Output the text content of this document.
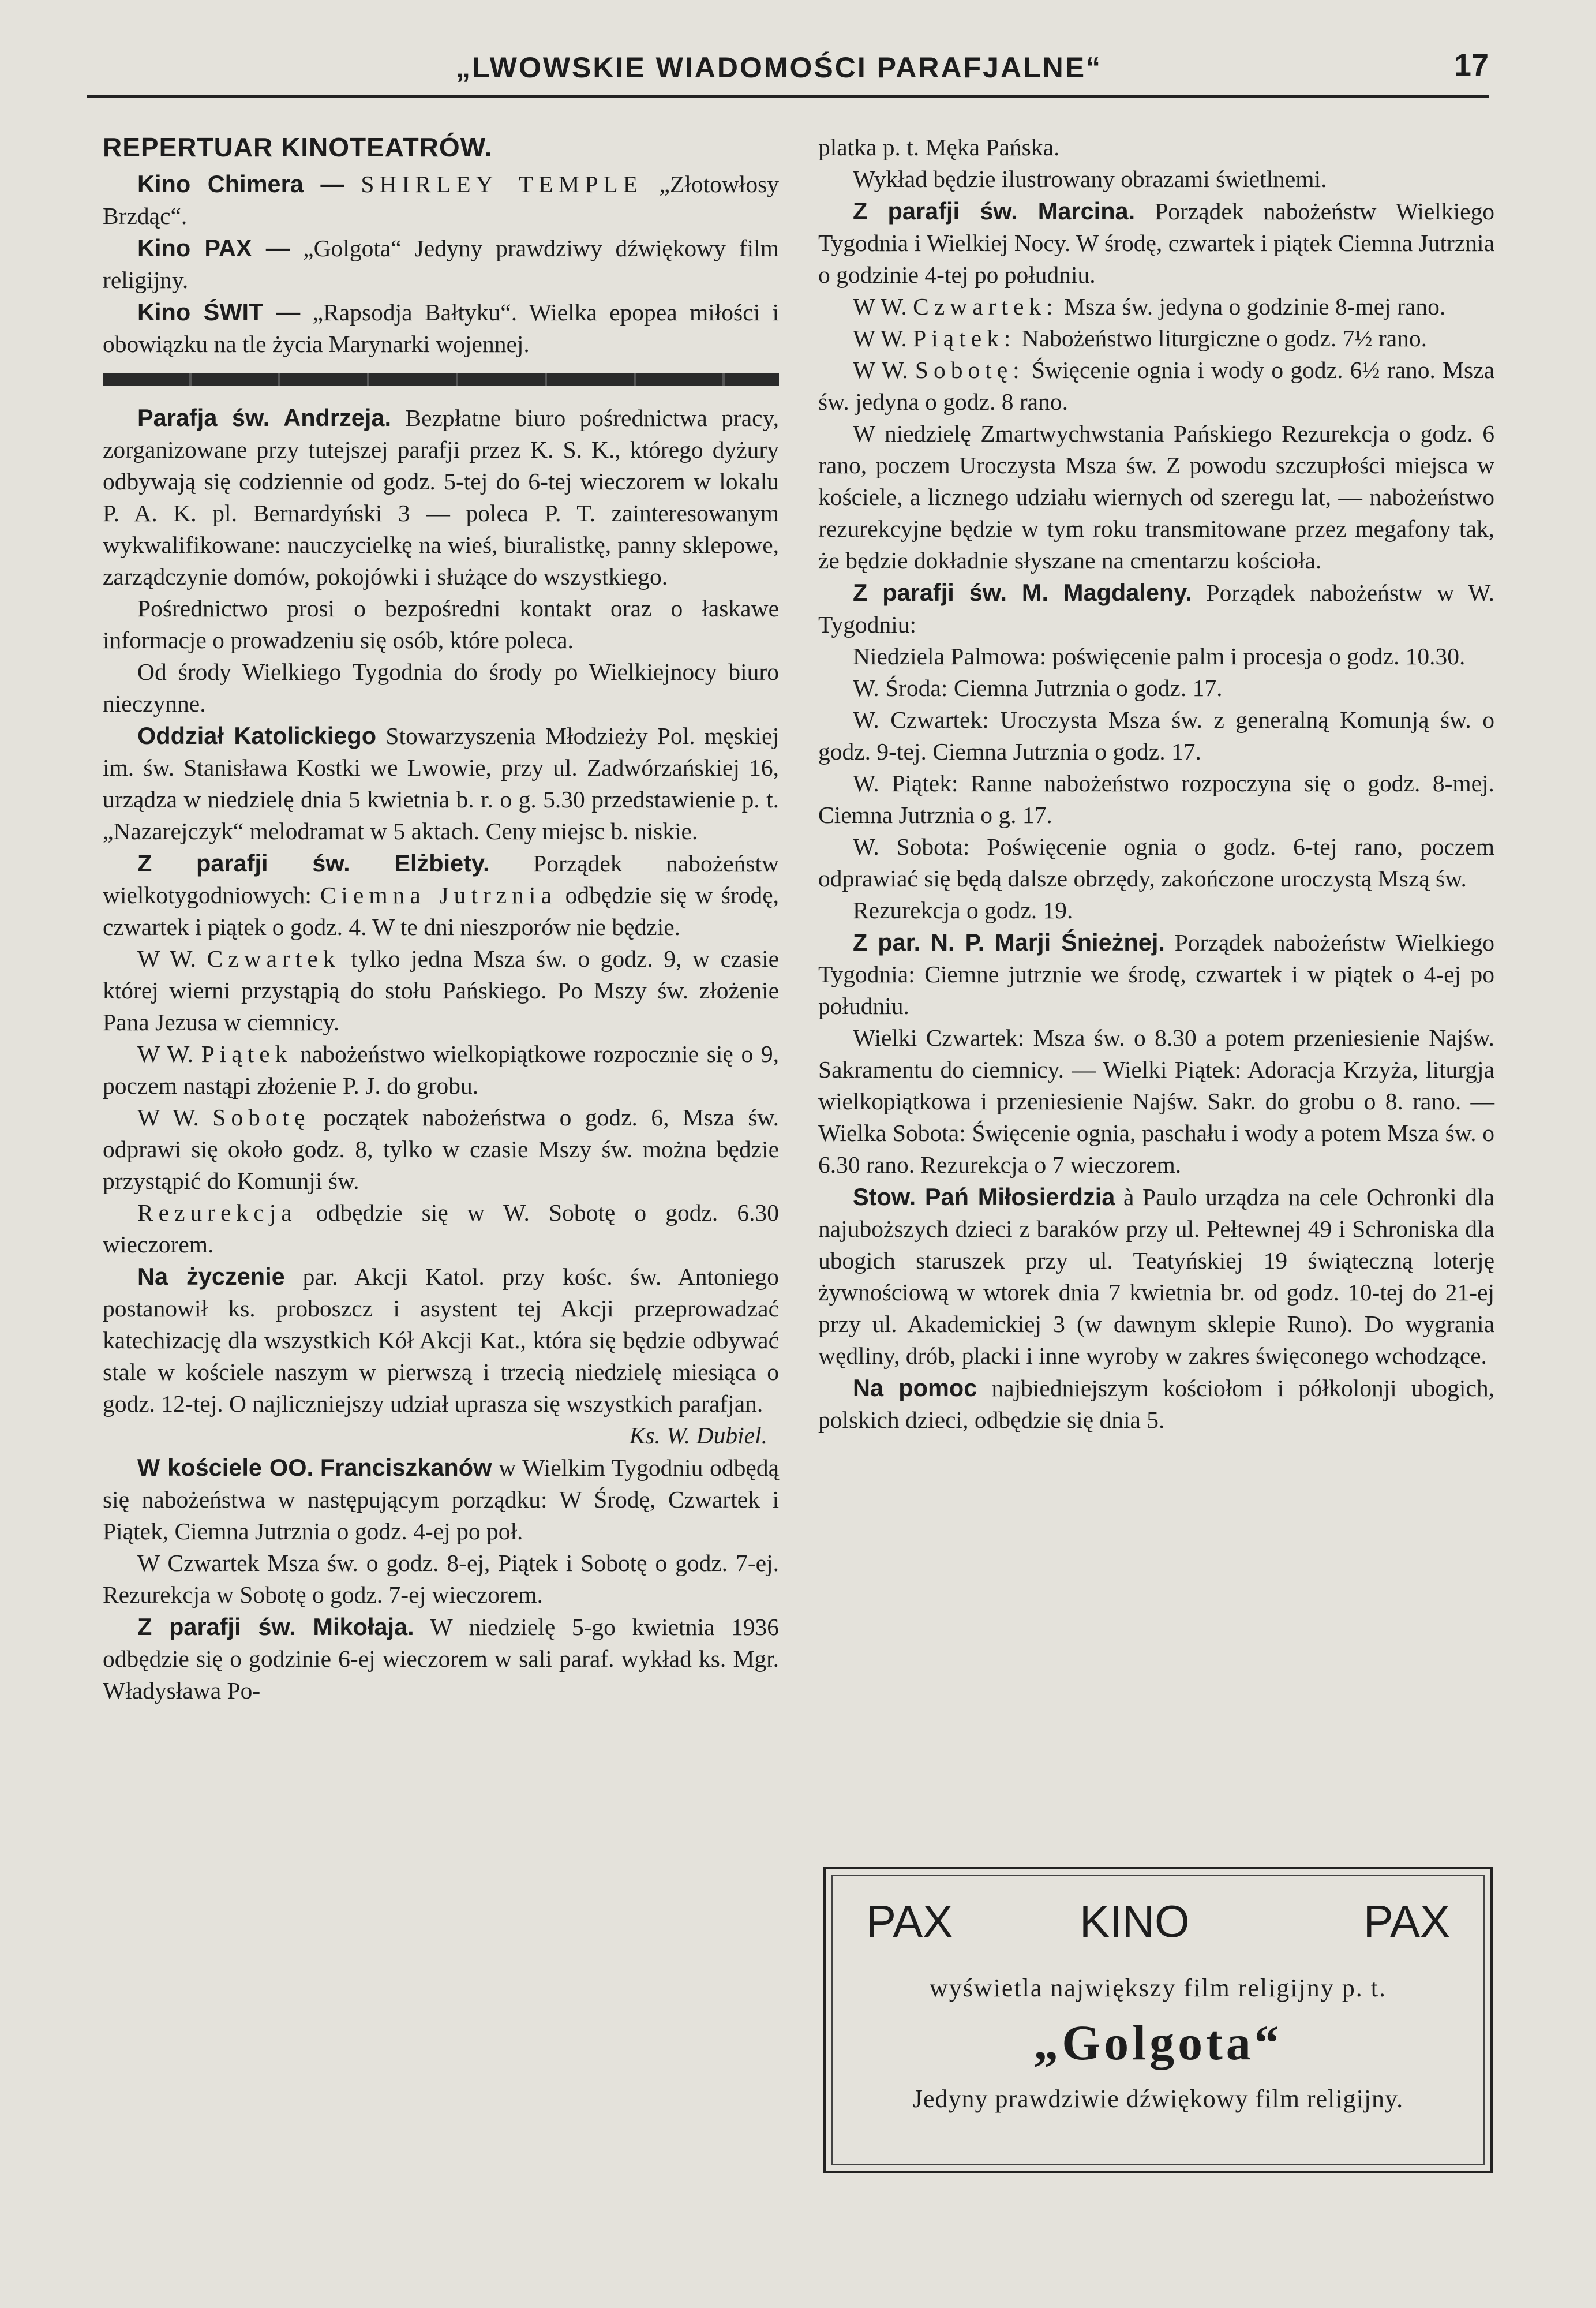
„LWOWSKIE WIADOMOŚCI PARAFJALNE“	17

REPERTUAR KINOTEATRÓW.

Kino Chimera — SHIRLEY TEMPLE „Złotowłosy Brzdąc“.

Kino PAX — „Golgota“ Jedyny prawdziwy dźwiękowy film religijny.

Kino ŚWIT — „Rapsodja Bałtyku“. Wielka epopea miłości i obowiązku na tle życia Marynarki wojennej.

Parafja św. Andrzeja. Bezpłatne biuro pośrednictwa pracy, zorganizowane przy tutejszej parafji przez K. S. K., którego dyżury odbywają się codziennie od godz. 5-tej do 6-tej wieczorem w lokalu P. A. K. pl. Bernardyński 3 — poleca P. T. zainteresowanym wykwalifikowane: nauczycielkę na wieś, biuralistkę, panny sklepowe, zarządczynie domów, pokojówki i służące do wszystkiego.

Pośrednictwo prosi o bezpośredni kontakt oraz o łaskawe informacje o prowadzeniu się osób, które poleca.

Od środy Wielkiego Tygodnia do środy po Wielkiejnocy biuro nieczynne.

Oddział Katolickiego Stowarzyszenia Młodzieży Pol. męskiej im. św. Stanisława Kostki we Lwowie, przy ul. Zadwórzańskiej 16, urządza w niedzielę dnia 5 kwietnia b. r. o g. 5.30 przedstawienie p. t. „Nazarejczyk“ melodramat w 5 aktach. Ceny miejsc b. niskie.

Z parafji św. Elżbiety. Porządek nabożeństw wielkotygodniowych: Ciemna Jutrznia odbędzie się w środę, czwartek i piątek o godz. 4. W te dni nieszporów nie będzie.

W W. Czwartek tylko jedna Msza św. o godz. 9, w czasie której wierni przystąpią do stołu Pańskiego. Po Mszy św. złożenie Pana Jezusa w ciemnicy.

W W. Piątek nabożeństwo wielkopiątkowe rozpocznie się o 9, poczem nastąpi złożenie P. J. do grobu.

W W. Sobotę początek nabożeństwa o godz. 6, Msza św. odprawi się około godz. 8, tylko w czasie Mszy św. można będzie przystąpić do Komunji św.

Rezurekcja odbędzie się w W. Sobotę o godz. 6.30 wieczorem.

Na życzenie par. Akcji Katol. przy kośc. św. Antoniego postanowił ks. proboszcz i asystent tej Akcji przeprowadzać katechizację dla wszystkich Kół Akcji Kat., która się będzie odbywać stale w kościele naszym w pierwszą i trzecią niedzielę miesiąca o godz. 12-tej. O najliczniejszy udział uprasza się wszystkich parafjan.

Ks. W. Dubiel.

W kościele OO. Franciszkanów w Wielkim Tygodniu odbędą się nabożeństwa w następującym porządku: W Środę, Czwartek i Piątek, Ciemna Jutrznia o godz. 4-ej po poł.

W Czwartek Msza św. o godz. 8-ej, Piątek i Sobotę o godz. 7-ej. Rezurekcja w Sobotę o godz. 7-ej wieczorem.

Z parafji św. Mikołaja. W niedzielę 5-go kwietnia 1936 odbędzie się o godzinie 6-ej wieczorem w sali paraf. wykład ks. Mgr. Władysława Po-

platka p. t. Męka Pańska.

Wykład będzie ilustrowany obrazami świetlnemi.

Z parafji św. Marcina. Porządek nabożeństw Wielkiego Tygodnia i Wielkiej Nocy. W środę, czwartek i piątek Ciemna Jutrznia o godzinie 4-tej po południu.

W W. Czwartek: Msza św. jedyna o godzinie 8-mej rano.

W W. Piątek: Nabożeństwo liturgiczne o godz. 7½ rano.

W W. Sobotę: Święcenie ognia i wody o godz. 6½ rano. Msza św. jedyna o godz. 8 rano.

W niedzielę Zmartwychwstania Pańskiego Rezurekcja o godz. 6 rano, poczem Uroczysta Msza św. Z powodu szczupłości miejsca w kościele, a licznego udziału wiernych od szeregu lat, — nabożeństwo rezurekcyjne będzie w tym roku transmitowane przez megafony tak, że będzie dokładnie słyszane na cmentarzu kościoła.

Z parafji św. M. Magdaleny. Porządek nabożeństw w W. Tygodniu:

Niedziela Palmowa: poświęcenie palm i procesja o godz. 10.30.

W. Środa: Ciemna Jutrznia o godz. 17.

W. Czwartek: Uroczysta Msza św. z generalną Komunją św. o godz. 9-tej. Ciemna Jutrznia o godz. 17.

W. Piątek: Ranne nabożeństwo rozpoczyna się o godz. 8-mej. Ciemna Jutrznia o g. 17.

W. Sobota: Poświęcenie ognia o godz. 6-tej rano, poczem odprawiać się będą dalsze obrzędy, zakończone uroczystą Mszą św.

Rezurekcja o godz. 19.

Z par. N. P. Marji Śnieżnej. Porządek nabożeństw Wielkiego Tygodnia: Ciemne jutrznie we środę, czwartek i w piątek o 4-ej po południu.

Wielki Czwartek: Msza św. o 8.30 a potem przeniesienie Najśw. Sakramentu do ciemnicy. — Wielki Piątek: Adoracja Krzyża, liturgja wielkopiątkowa i przeniesienie Najśw. Sakr. do grobu o 8. rano. — Wielka Sobota: Święcenie ognia, paschału i wody a potem Msza św. o 6.30 rano. Rezurekcja o 7 wieczorem.

Stow. Pań Miłosierdzia à Paulo urządza na cele Ochronki dla najuboższych dzieci z baraków przy ul. Pełtewnej 49 i Schroniska dla ubogich staruszek przy ul. Teatyńskiej 19 świąteczną loterję żywnościową w wtorek dnia 7 kwietnia br. od godz. 10-tej do 21-ej przy ul. Akademickiej 3 (w dawnym sklepie Runo). Do wygrania wędliny, drób, placki i inne wyroby w zakres święconego wchodzące.

Na pomoc najbiedniejszym kościołom i półkolonji ubogich, polskich dzieci, odbędzie się dnia 5.

PAX	KINO	PAX
wyświetla największy film religijny p. t.
„Golgota“
Jedyny prawdziwie dźwiękowy film religijny.
